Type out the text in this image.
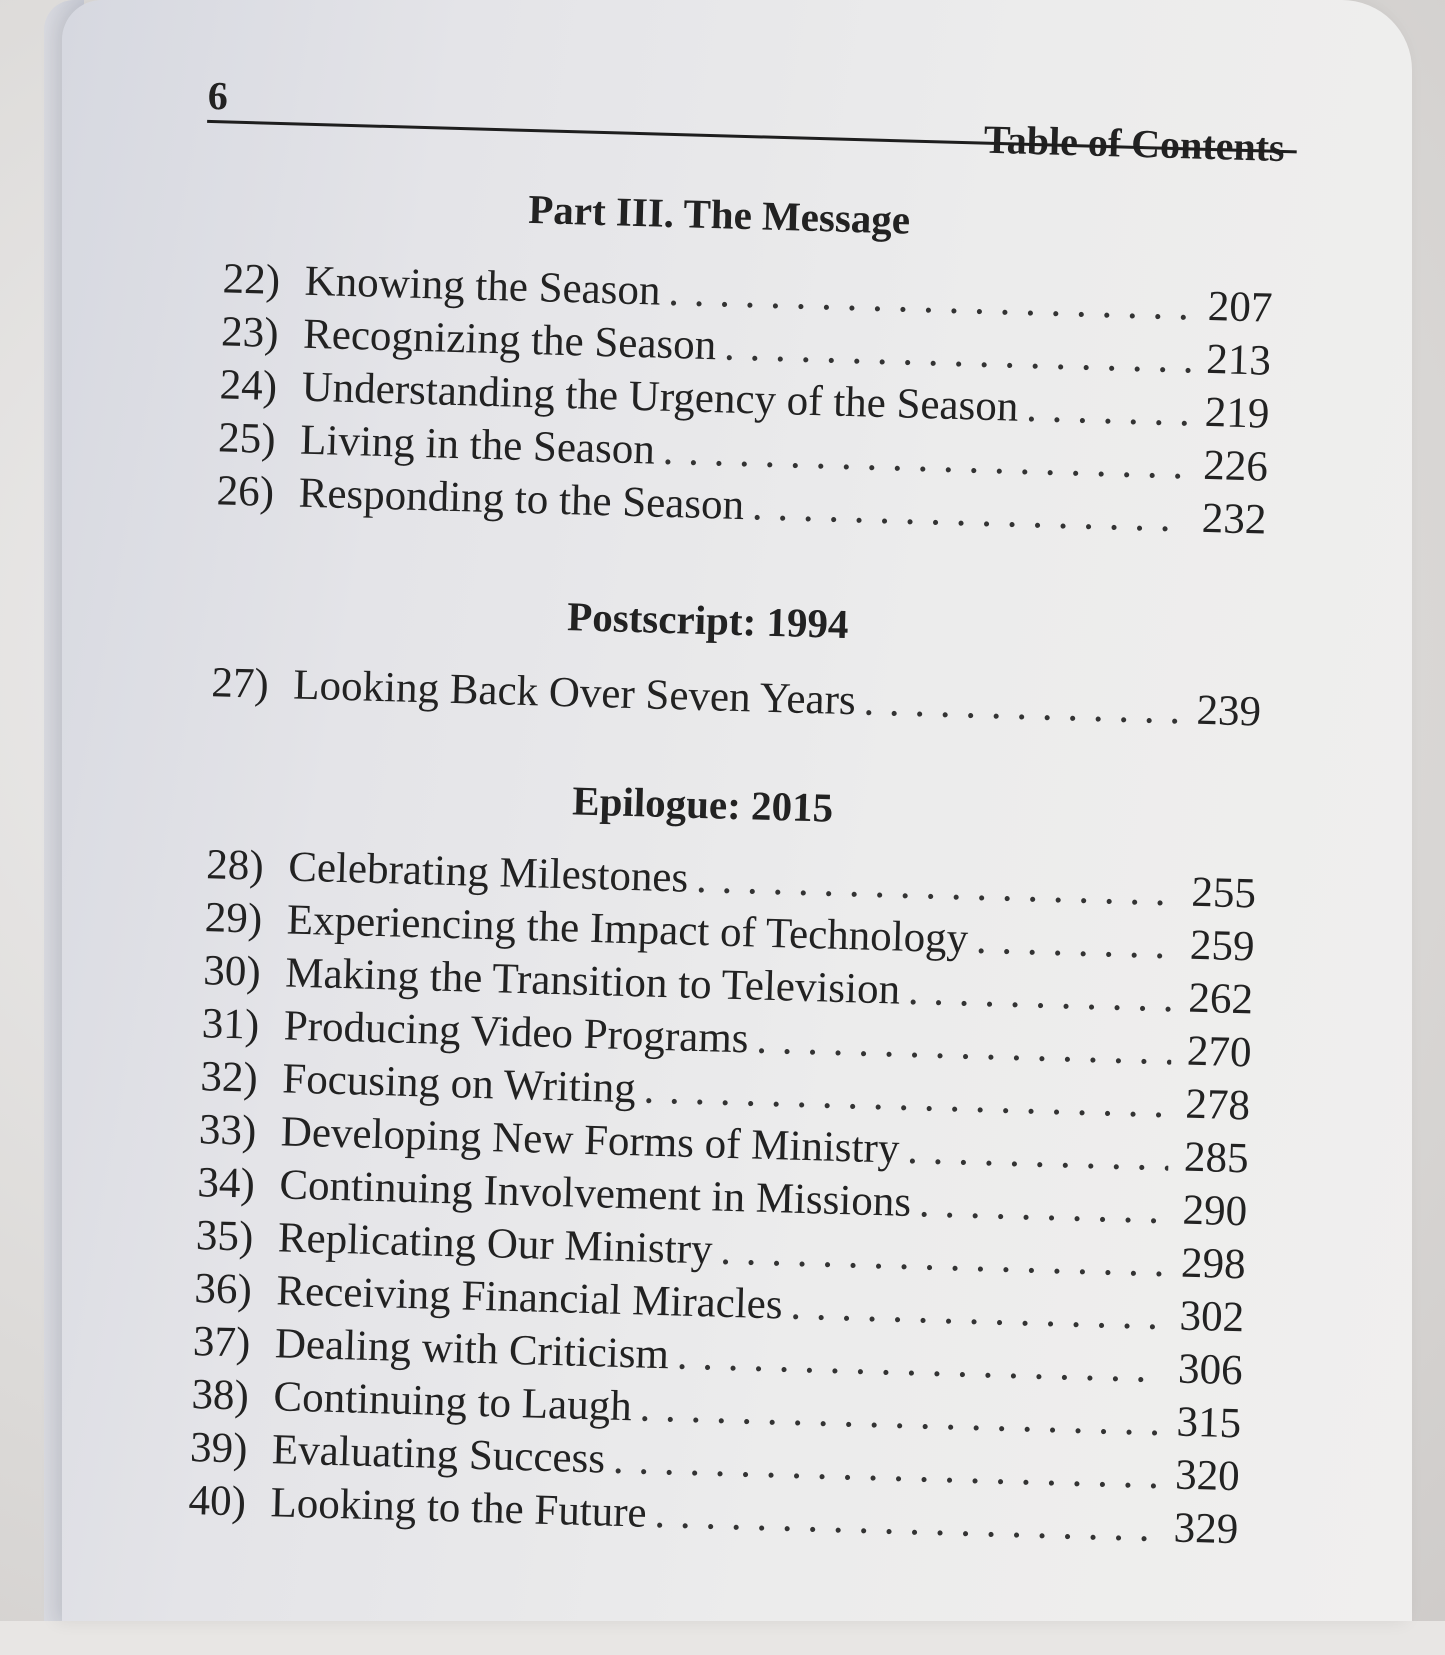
6
Table of Contents
Part III. The Message
22) Knowing the Season . . .	207
23) Recognizing the Season . . .	213
24) Understanding the Urgency of the Season . . .	219
25) Living in the Season . . .	226
26) Responding to the Season . . .	232
Postscript: 1994
27) Looking Back Over Seven Years . . .	239
Epilogue: 2015
28) Celebrating Milestones . . .	255
29) Experiencing the Impact of Technology . . .	259
30) Making the Transition to Television . . .	262
31) Producing Video Programs . . .	270
32) Focusing on Writing . . .	278
33) Developing New Forms of Ministry . . .	285
34) Continuing Involvement in Missions . . .	290
35) Replicating Our Ministry . . .	298
36) Receiving Financial Miracles . . .	302
37) Dealing with Criticism . . .	306
38) Continuing to Laugh . . .	315
39) Evaluating Success . . .	320
40) Looking to the Future . . .	329
